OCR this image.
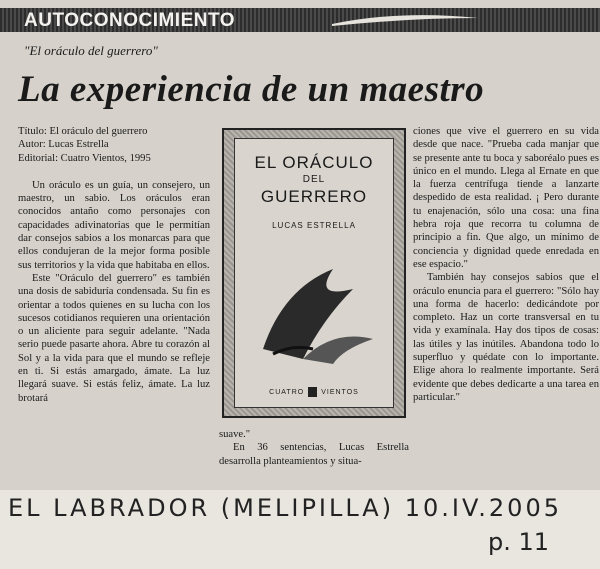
AUTOCONOCIMIENTO
"El oráculo del guerrero"
La experiencia de un maestro
Título: El oráculo del guerrero
Autor: Lucas Estrella
Editorial: Cuatro Vientos, 1995

Un oráculo es un guía, un consejero, un maestro, un sabio. Los oráculos eran conocidos antaño como personajes con capacidades adivinatorias que le permitían dar consejos sabios a los monarcas para que ellos condujeran de la mejor forma posible sus territorios y la vida que habitaba en ellos.

Este "Oráculo del guerrero" es también una dosis de sabiduría condensada. Su fin es orientar a todos quienes en su lucha con los sucesos cotidianos requieren una orientación o un aliciente para seguir adelante. "Nada serio puede pasarte ahora. Abre tu corazón al Sol y a la vida para que el mundo se refleje en ti. Si estás amargado, ámate. La luz llegará suave. Si estás feliz, ámate. La luz brotará

EL ORÁCULO
DEL
GUERRERO
LUCAS ESTRELLA
CUATRO VIENTOS

suave."

En 36 sentencias, Lucas Estrella desarrolla planteamientos y situa-

ciones que vive el guerrero en su vida desde que nace. "Prueba cada manjar que se presente ante tu boca y saboréalo pues es único en el mundo. Llega al Ernate en que la fuerza centrífuga tiende a lanzarte despedido de esta realidad. ¡ Pero durante tu enajenación, sólo una cosa: una fina hebra roja que recorra tu columna de principio a fin. Que algo, un mínimo de conciencia y dignidad quede enredada en ese espacio."

También hay consejos sabios que el oráculo enuncia para el guerrero: "Sólo hay una forma de hacerlo: dedicándote por completo. Haz un corte transversal en tu vida y examínala. Hay dos tipos de cosas: las útiles y las inútiles. Abandona todo lo superfluo y quédate con lo importante. Elige ahora lo realmente importante. Será evidente que debes dedicarte a una tarea en particular."

EL LABRADOR (MELIPILLA) 10.IV.2005
p. 11
